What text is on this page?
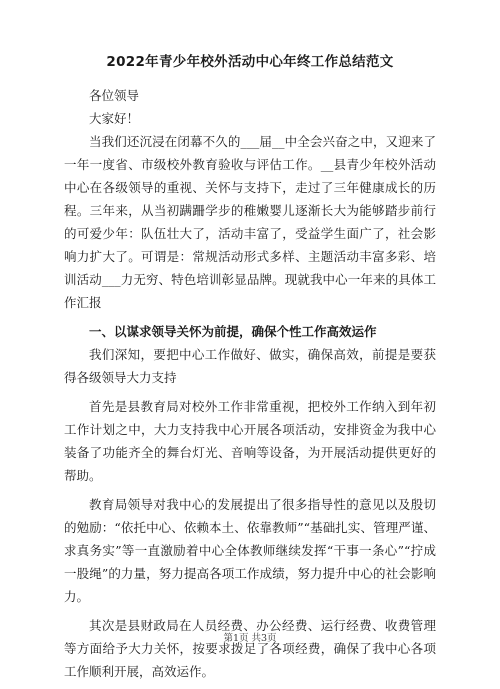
2022年青少年校外活动中心年终工作总结范文

各位领导

大家好！

当我们还沉浸在闭幕不久的___届__中全会兴奋之中，又迎来了一年一度省、市级校外教育验收与评估工作。__县青少年校外活动中心在各级领导的重视、关怀与支持下，走过了三年健康成长的历程。三年来，从当初蹒跚学步的稚嫩婴儿逐渐长大为能够踏步前行的可爱少年：队伍壮大了，活动丰富了，受益学生面广了，社会影响力扩大了。可谓是：常规活动形式多样、主题活动丰富多彩、培训活动___力无穷、特色培训彰显品牌。现就我中心一年来的具体工作汇报

一、以谋求领导关怀为前提，确保个性工作高效运作

我们深知，要把中心工作做好、做实，确保高效，前提是要获得各级领导大力支持

首先是县教育局对校外工作非常重视，把校外工作纳入到年初工作计划之中，大力支持我中心开展各项活动，安排资金为我中心装备了功能齐全的舞台灯光、音响等设备，为开展活动提供更好的帮助。

教育局领导对我中心的发展提出了很多指导性的意见以及殷切的勉励：“依托中心、依赖本土、依靠教师”“基础扎实、管理严谨、求真务实”等一直激励着中心全体教师继续发挥“干事一条心”“拧成一股绳”的力量，努力提高各项工作成绩，努力提升中心的社会影响力。

其次是县财政局在人员经费、办公经费、运行经费、收费管理等方面给予大力关怀，按要求拨足了各项经费，确保了我中心各项工作顺利开展，高效运作。

第1页 共3页
